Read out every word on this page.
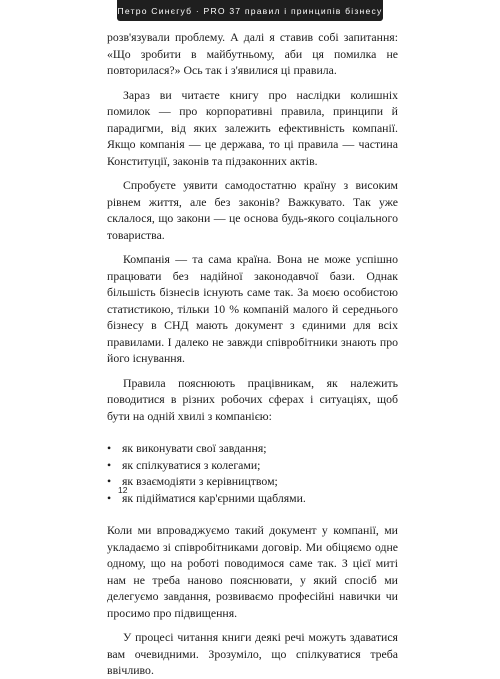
Петро Синєгуб · PRO 37 правил і принципів бізнесу

розв'язували проблему. А далі я ставив собі запитання: «Що зробити в майбутньому, аби ця помилка не повторилася?» Ось так і з'явилися ці правила.

Зараз ви читаєте книгу про наслідки колишніх помилок — про корпоративні правила, принципи й парадигми, від яких залежить ефективність компанії. Якщо компанія — це держава, то ці правила — частина Конституції, законів та підзаконних актів.

Спробуєте уявити самодостатню країну з високим рівнем життя, але без законів? Важкувато. Так уже склалося, що закони — це основа будь-якого соціального товариства.

Компанія — та сама країна. Вона не може успішно працювати без надійної законодавчої бази. Однак більшість бізнесів існують саме так. За моєю особистою статистикою, тільки 10 % компаній малого й середнього бізнесу в СНД мають документ з єдиними для всіх правилами. І далеко не завжди співробітники знають про його існування.

Правила пояснюють працівникам, як належить поводитися в різних робочих сферах і ситуаціях, щоб бути на одній хвилі з компанією:

• як виконувати свої завдання;
• як спілкуватися з колегами;
• як взаємодіяти з керівництвом;
• як підійматися кар'єрними щаблями.

Коли ми впроваджуємо такий документ у компанії, ми укладаємо зі співробітниками договір. Ми обіцяємо одне одному, що на роботі поводимося саме так. З цієї миті нам не треба наново пояснювати, у який спосіб ми делегуємо завдання, розвиваємо професійні навички чи просимо про підвищення.

У процесі читання книги деякі речі можуть здаватися вам очевидними. Зрозуміло, що спілкуватися треба ввічливо.

12
